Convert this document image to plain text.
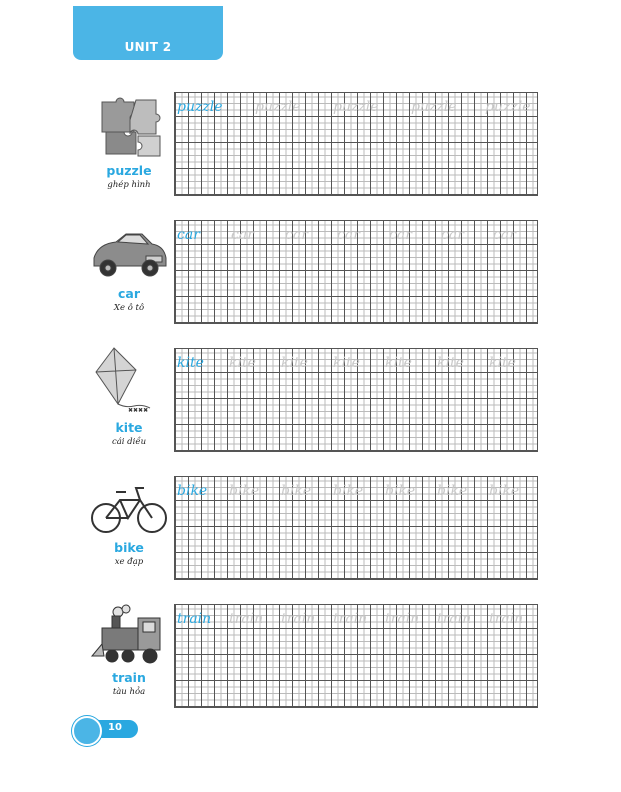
UNIT 2
puzzle
ghép hình
puzzle puzzle puzzle puzzle puzzle
car
Xe ô tô
car car car car car car car
✖✖✖✖
kite
cái diều
kite kite kite kite kite kite kite
bike
xe đạp
bike bike bike bike bike bike bike
train
tàu hỏa
train train train train train train train
10
